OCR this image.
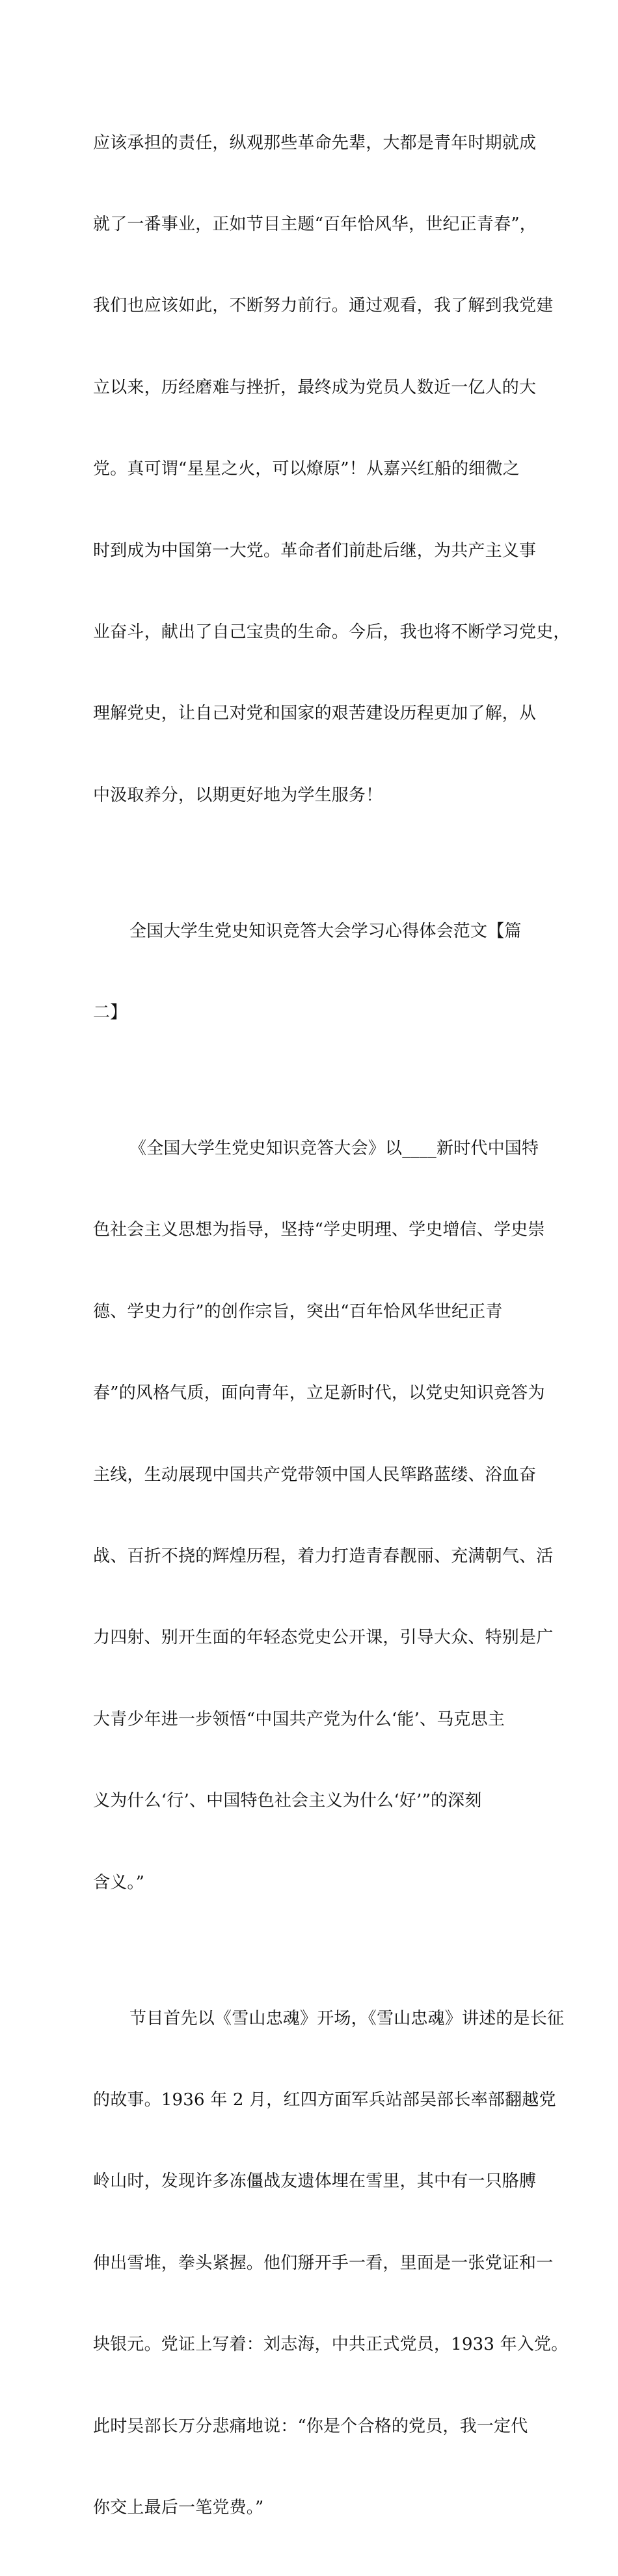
应该承担的责任，纵观那些革命先辈，大都是青年时期就成

就了一番事业，正如节目主题“百年恰风华，世纪正青春”，

我们也应该如此，不断努力前行。通过观看，我了解到我党建

立以来，历经磨难与挫折，最终成为党员人数近一亿人的大

党。真可谓“星星之火，可以燎原”！从嘉兴红船的细微之

时到成为中国第一大党。革命者们前赴后继，为共产主义事

业奋斗，献出了自己宝贵的生命。今后，我也将不断学习党史，

理解党史，让自己对党和国家的艰苦建设历程更加了解，从

中汲取养分，以期更好地为学生服务！

全国大学生党史知识竞答大会学习心得体会范文【篇

二】

《全国大学生党史知识竞答大会》以____新时代中国特

色社会主义思想为指导，坚持“学史明理、学史增信、学史崇

德、学史力行”的创作宗旨，突出“百年恰风华世纪正青

春”的风格气质，面向青年，立足新时代，以党史知识竞答为

主线，生动展现中国共产党带领中国人民筚路蓝缕、浴血奋

战、百折不挠的辉煌历程，着力打造青春靓丽、充满朝气、活

力四射、别开生面的年轻态党史公开课，引导大众、特别是广

大青少年进一步领悟“中国共产党为什么‘能’、马克思主

义为什么‘行’、中国特色社会主义为什么‘好’”的深刻

含义。”

节目首先以《雪山忠魂》开场，《雪山忠魂》讲述的是长征

的故事。1936 年 2 月，红四方面军兵站部吴部长率部翻越党

岭山时，发现许多冻僵战友遗体埋在雪里，其中有一只胳膊

伸出雪堆，拳头紧握。他们掰开手一看，里面是一张党证和一

块银元。党证上写着：刘志海，中共正式党员，1933 年入党。

此时吴部长万分悲痛地说：“你是个合格的党员，我一定代

你交上最后一笔党费。”
